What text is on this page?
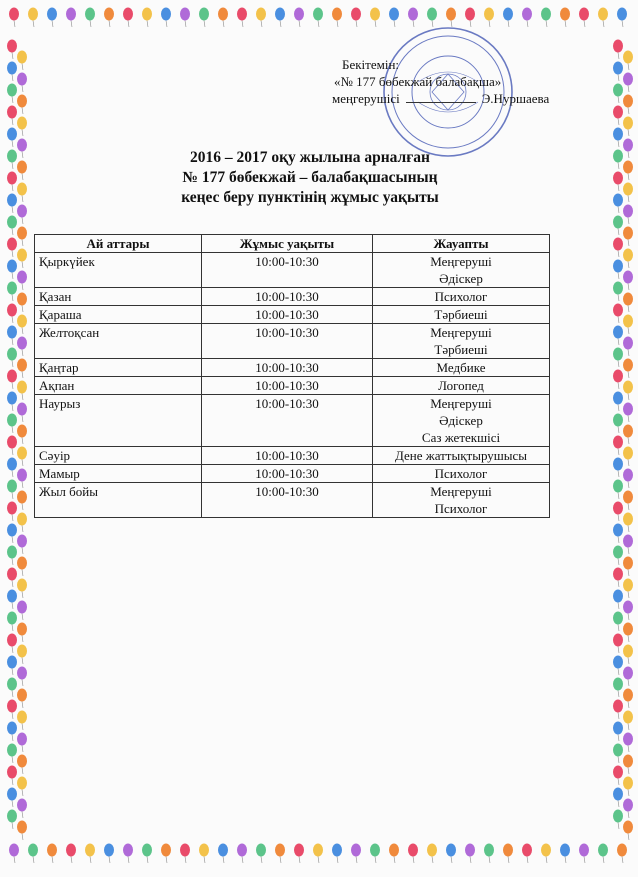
Бекітемін:
«№ 177 бөбекжай балабақша»
меңгерушісі	Э.Нуршаева
2016 – 2017 оқу жылына арналған
№ 177 бөбекжай – балабақшасының
кеңес беру пунктінің жұмыс уақыты
Ай аттары	Жұмыс уақыты	Жауапты
Қыркүйек	10:00-10:30	Меңгеруші
Әдіскер

Қазан	10:00-10:30	Психолог

Қараша	10:00-10:30	Тәрбиеші

Желтоқсан	10:00-10:30	Меңгеруші
Тәрбиеші

Қаңтар	10:00-10:30	Медбике

Ақпан	10:00-10:30	Логопед

Наурыз	10:00-10:30	Меңгеруші
Әдіскер
Саз жетекшісі

Сәуір	10:00-10:30	Дене жаттықтырушысы

Мамыр	10:00-10:30	Психолог

Жыл бойы	10:00-10:30	Меңгеруші
Психолог
